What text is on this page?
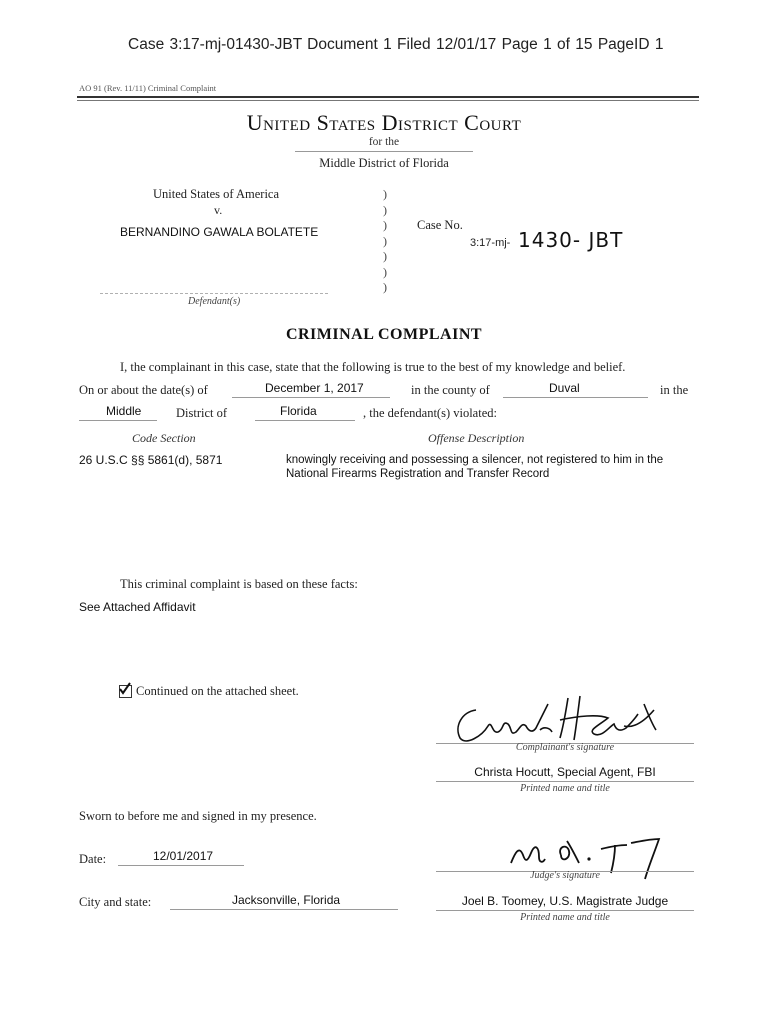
Case 3:17-mj-01430-JBT Document 1 Filed 12/01/17 Page 1 of 15 PageID 1
AO 91 (Rev. 11/11) Criminal Complaint
United States District Court
for the
Middle District of Florida
United States of America
v.
BERNANDINO GAWALA BOLATETE
Defendant(s)
)
)
)
)
)
)
)
Case No.
3:17-mj- 1430- JBT
CRIMINAL COMPLAINT
I, the complainant in this case, state that the following is true to the best of my knowledge and belief.
On or about the date(s) of	December 1, 2017	in the county of	Duval	in the
Middle	District of	Florida	, the defendant(s) violated:
Code Section	Offense Description
26 U.S.C §§ 5861(d), 5871	knowingly receiving and possessing a silencer, not registered to him in the
National Firearms Registration and Transfer Record
This criminal complaint is based on these facts:
See Attached Affidavit
Continued on the attached sheet.
Complainant's signature
Christa Hocutt, Special Agent, FBI
Printed name and title
Sworn to before me and signed in my presence.
Date:	12/01/2017
Judge's signature
Joel B. Toomey, U.S. Magistrate Judge
Printed name and title
City and state:	Jacksonville, Florida
